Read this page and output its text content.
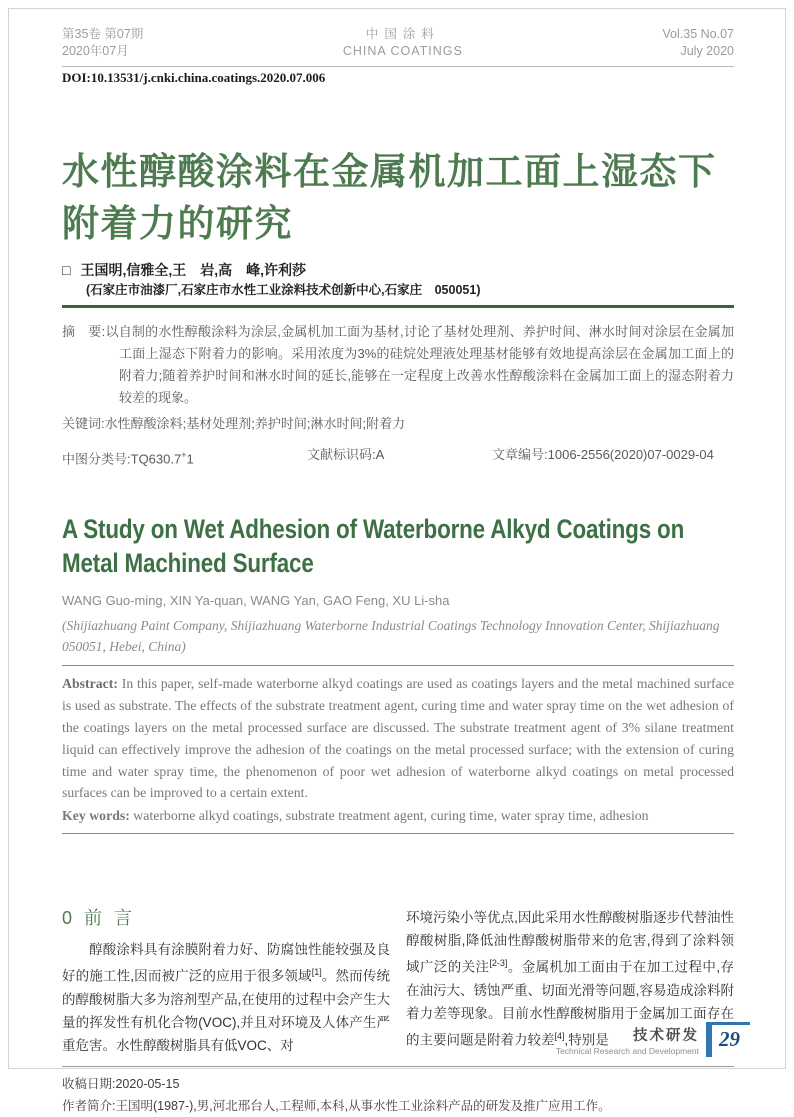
第35卷 第07期
2020年07月
中国涂料
CHINA COATINGS
Vol.35 No.07
July 2020
DOI:10.13531/j.cnki.china.coatings.2020.07.006
水性醇酸涂料在金属机加工面上湿态下
附着力的研究
□ 王国明,信雅全,王　岩,高　峰,许利莎
(石家庄市油漆厂,石家庄市水性工业涂料技术创新中心,石家庄　050051)

摘　要:以自制的水性醇酸涂料为涂层,金属机加工面为基材,讨论了基材处理剂、养护时间、淋水时间对涂层在金属加工面上湿态下附着力的影响。采用浓度为3%的硅烷处理液处理基材能够有效地提高涂层在金属加工面上的附着力;随着养护时间和淋水时间的延长,能够在一定程度上改善水性醇酸涂料在金属加工面上的湿态附着力较差的现象。

关键词:水性醇酸涂料;基材处理剂;养护时间;淋水时间;附着力

中图分类号:TQ630.7+1	文献标识码:A	文章编号:1006-2556(2020)07-0029-04
A Study on Wet Adhesion of Waterborne Alkyd Coatings on
Metal Machined Surface
WANG Guo-ming, XIN Ya-quan, WANG Yan, GAO Feng, XU Li-sha
(Shijiazhuang Paint Company, Shijiazhuang Waterborne Industrial Coatings Technology Innovation Center, Shijiazhuang 050051, Hebei, China)

Abstract: In this paper, self-made waterborne alkyd coatings are used as coatings layers and the metal machined surface is used as substrate. The effects of the substrate treatment agent, curing time and water spray time on the wet adhesion of the coatings layers on the metal processed surface are discussed. The substrate treatment agent of 3% silane treatment liquid can effectively improve the adhesion of the coatings on the metal processed surface; with the extension of curing time and water spray time, the phenomenon of poor wet adhesion of waterborne alkyd coatings on metal processed surfaces can be improved to a certain extent.

Key words: waterborne alkyd coatings, substrate treatment agent, curing time, water spray time, adhesion

0 前 言

醇酸涂料具有涂膜附着力好、防腐蚀性能较强及良好的施工性,因而被广泛的应用于很多领域[1]。然而传统的醇酸树脂大多为溶剂型产品,在使用的过程中会产生大量的挥发性有机化合物(VOC),并且对环境及人体产生严重危害。水性醇酸树脂具有低VOC、对

环境污染小等优点,因此采用水性醇酸树脂逐步代替油性醇酸树脂,降低油性醇酸树脂带来的危害,得到了涂料领域广泛的关注[2-3]。金属机加工面由于在加工过程中,存在油污大、锈蚀严重、切面光滑等问题,容易造成涂料附着力差等现象。目前水性醇酸树脂用于金属加工面存在的主要问题是附着力较差[4],特别是

收稿日期:2020-05-15
作者简介:王国明(1987-),男,河北邢台人,工程师,本科,从事水性工业涂料产品的研发及推广应用工作。
技术研发
Technical Research and Development 29
